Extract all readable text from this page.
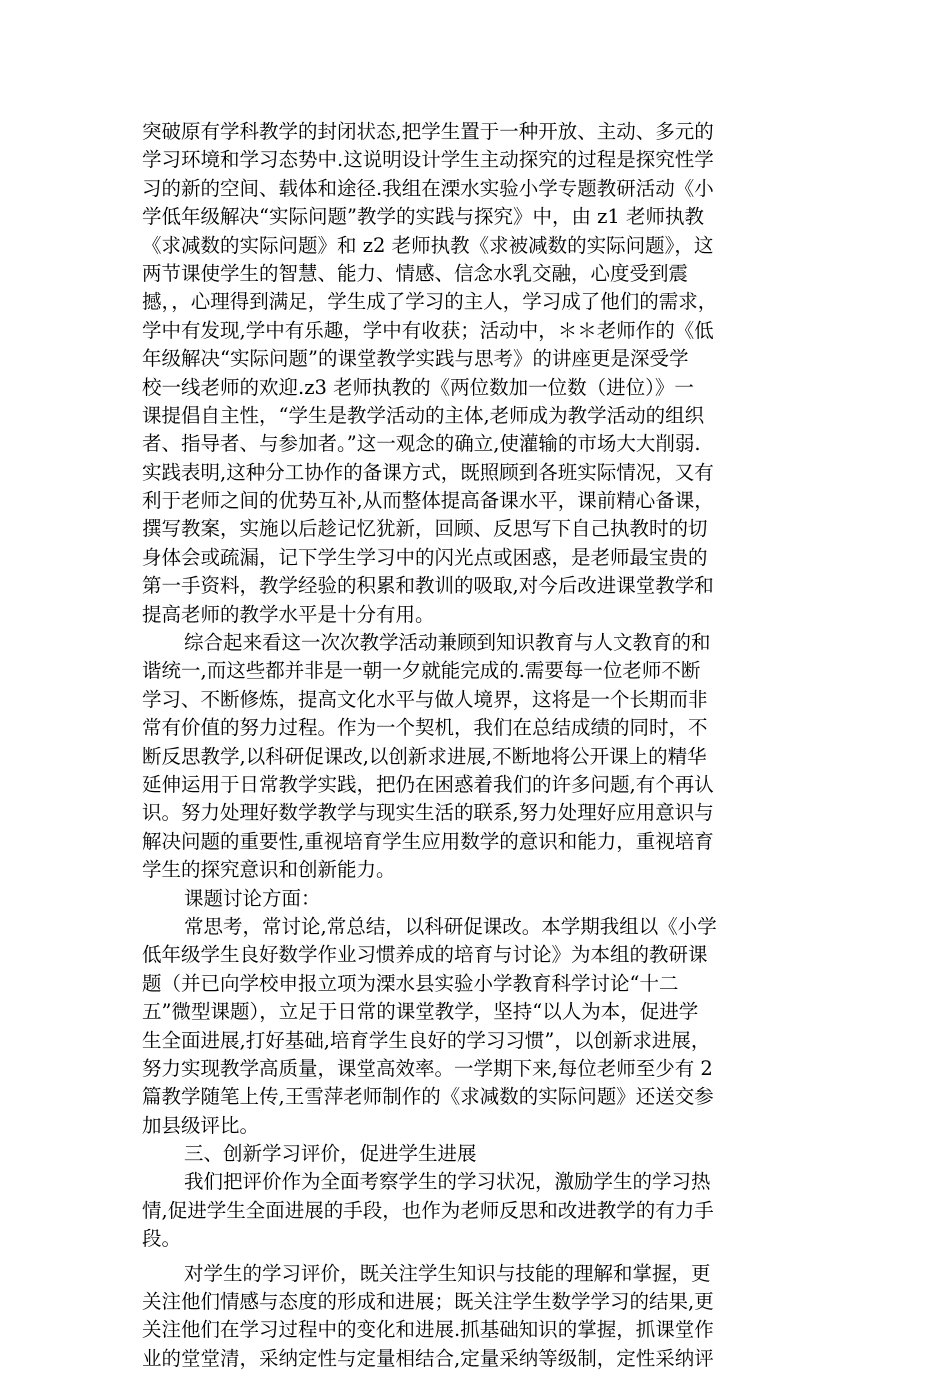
突破原有学科教学的封闭状态,把学生置于一种开放、主动、多元的
学习环境和学习态势中.这说明设计学生主动探究的过程是探究性学
习的新的空间、载体和途径.我组在溧水实验小学专题教研活动《小
学低年级解决“实际问题”教学的实践与探究》中，由 z1 老师执教
《求减数的实际问题》和 z2 老师执教《求被减数的实际问题》，这
两节课使学生的智慧、能力、情感、信念水乳交融，心度受到震
撼，，心理得到满足，学生成了学习的主人，学习成了他们的需求，
学中有发现,学中有乐趣，学中有收获；活动中，＊＊老师作的《低
年级解决“实际问题”的课堂教学实践与思考》的讲座更是深受学
校一线老师的欢迎.z3 老师执教的《两位数加一位数（进位）》一
课提倡自主性，“学生是教学活动的主体,老师成为教学活动的组织
者、指导者、与参加者。”这一观念的确立,使灌输的市场大大削弱.
实践表明,这种分工协作的备课方式，既照顾到各班实际情况，又有
利于老师之间的优势互补,从而整体提高备课水平，课前精心备课，
撰写教案，实施以后趁记忆犹新，回顾、反思写下自己执教时的切
身体会或疏漏，记下学生学习中的闪光点或困惑，是老师最宝贵的
第一手资料，教学经验的积累和教训的吸取,对今后改进课堂教学和
提高老师的教学水平是十分有用。
综合起来看这一次次教学活动兼顾到知识教育与人文教育的和
谐统一,而这些都并非是一朝一夕就能完成的.需要每一位老师不断
学习、不断修炼，提高文化水平与做人境界，这将是一个长期而非
常有价值的努力过程。作为一个契机，我们在总结成绩的同时，不
断反思教学,以科研促课改,以创新求进展,不断地将公开课上的精华
延伸运用于日常教学实践，把仍在困惑着我们的许多问题,有个再认
识。努力处理好数学教学与现实生活的联系,努力处理好应用意识与
解决问题的重要性,重视培育学生应用数学的意识和能力，重视培育
学生的探究意识和创新能力。
课题讨论方面：
常思考，常讨论,常总结，以科研促课改。本学期我组以《小学
低年级学生良好数学作业习惯养成的培育与讨论》为本组的教研课
题（并已向学校申报立项为溧水县实验小学教育科学讨论“十二
五”微型课题），立足于日常的课堂教学，坚持“以人为本，促进学
生全面进展,打好基础,培育学生良好的学习习惯”，以创新求进展，
努力实现教学高质量，课堂高效率。一学期下来,每位老师至少有 2
篇教学随笔上传,王雪萍老师制作的《求减数的实际问题》还送交参
加县级评比。
三、创新学习评价，促进学生进展
我们把评价作为全面考察学生的学习状况，激励学生的学习热
情,促进学生全面进展的手段，也作为老师反思和改进教学的有力手
段。
对学生的学习评价，既关注学生知识与技能的理解和掌握，更
关注他们情感与态度的形成和进展；既关注学生数学学习的结果,更
关注他们在学习过程中的变化和进展.抓基础知识的掌握，抓课堂作
业的堂堂清，采纳定性与定量相结合,定量采纳等级制，定性采纳评
